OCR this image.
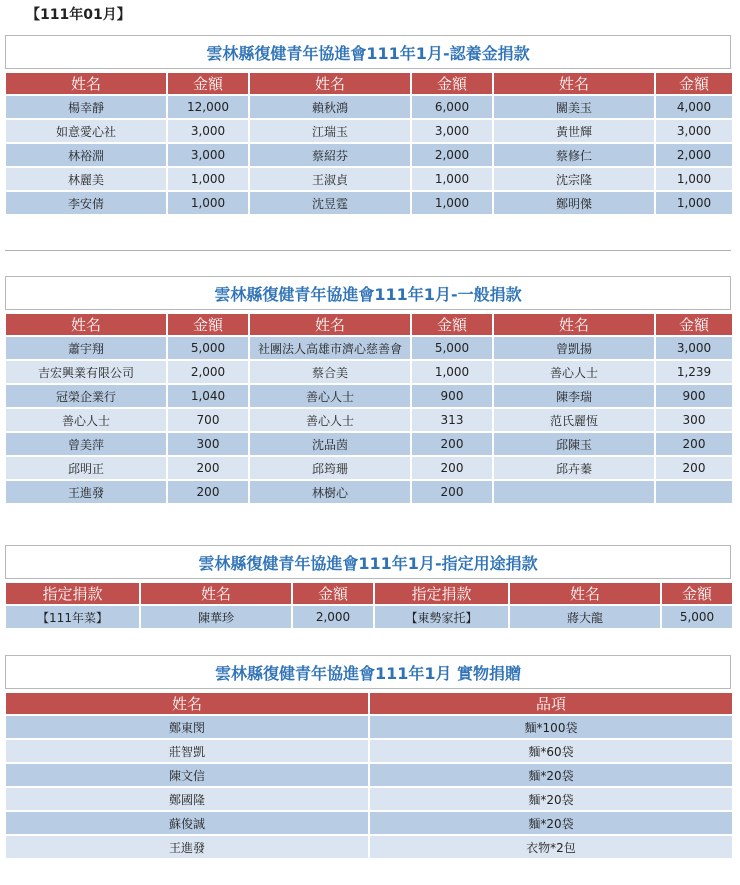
【111年01月】
雲林縣復健青年協進會111年1月-認養金捐款
姓名	金額	姓名	金額	姓名	金額
楊幸靜	12,000	賴秋鴻	6,000	關美玉	4,000
如意愛心社	3,000	江瑞玉	3,000	黃世輝	3,000
林裕淵	3,000	蔡紹芬	2,000	蔡修仁	2,000
林麗美	1,000	王淑貞	1,000	沈宗隆	1,000
李安倩	1,000	沈昱霆	1,000	鄭明傑	1,000
雲林縣復健青年協進會111年1月-一般捐款
姓名	金額	姓名	金額	姓名	金額
蕭宇翔	5,000	社團法人高雄市濟心慈善會	5,000	曾凱揚	3,000
吉宏興業有限公司	2,000	蔡合美	1,000	善心人士	1,239
冠榮企業行	1,040	善心人士	900	陳李瑞	900
善心人士	700	善心人士	313	范氏麗恆	300
曾美萍	300	沈品茵	200	邱陳玉	200
邱明正	200	邱筠珊	200	邱卉蓁	200
王進發	200	林樹心	200		
雲林縣復健青年協進會111年1月-指定用途捐款
指定捐款	姓名	金額	指定捐款	姓名	金額
【111年菜】	陳華珍	2,000	【東勢家托】	蔣大龍	5,000
雲林縣復健青年協進會111年1月 實物捐贈
姓名	品項
鄭東閔	麵*100袋
莊智凱	麵*60袋
陳文信	麵*20袋
鄭國隆	麵*20袋
蘇俊誠	麵*20袋
王進發	衣物*2包
